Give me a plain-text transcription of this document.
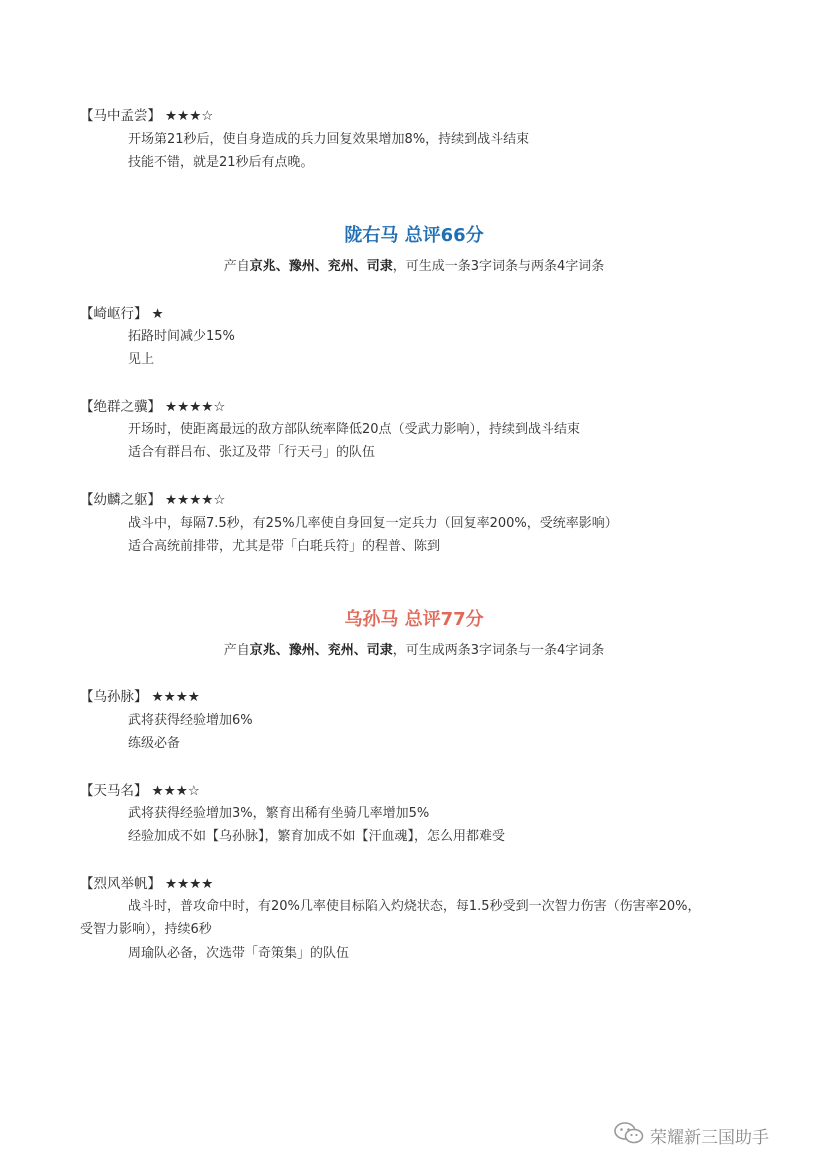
【马中孟尝】 ★★★☆
开场第21秒后，使自身造成的兵力回复效果增加8%，持续到战斗结束
技能不错，就是21秒后有点晚。
陇右马 总评66分
产自京兆、豫州、兖州、司隶，可生成一条3字词条与两条4字词条
【崎岖行】 ★
拓路时间减少15%
见上
【绝群之骥】 ★★★★☆
开场时，使距离最远的敌方部队统率降低20点（受武力影响），持续到战斗结束
适合有群吕布、张辽及带「行天弓」的队伍
【幼麟之躯】 ★★★★☆
战斗中，每隔7.5秒，有25%几率使自身回复一定兵力（回复率200%，受统率影响）
适合高统前排带，尤其是带「白毦兵符」的程普、陈到
乌孙马 总评77分
产自京兆、豫州、兖州、司隶，可生成两条3字词条与一条4字词条
【乌孙脉】 ★★★★
武将获得经验增加6%
练级必备
【天马名】 ★★★☆
武将获得经验增加3%，繁育出稀有坐骑几率增加5%
经验加成不如【乌孙脉】，繁育加成不如【汗血魂】，怎么用都难受
【烈风举帆】 ★★★★
战斗时，普攻命中时，有20%几率使目标陷入灼烧状态，每1.5秒受到一次智力伤害（伤害率20%，
受智力影响），持续6秒
周瑜队必备，次选带「奇策集」的队伍
荣耀新三国助手
